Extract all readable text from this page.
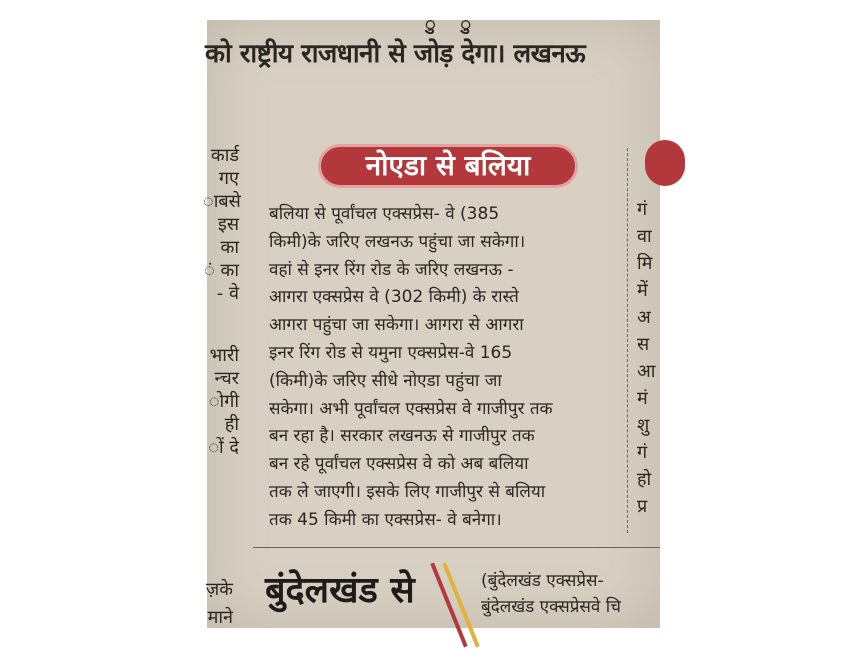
ु ु
को राष्ट्रीय राजधानी से जोड़ देगा। लखनऊ
कार्ड
गए
ाबसे
इस
का
ं का
- वे
भारी
न्चर
ोगी
ही
ों दे
नोएडा से बलिया
बलिया से पूर्वांचल एक्सप्रेस- वे (385
किमी)के जरिए लखनऊ पहुंचा जा सकेगा।
वहां से इनर रिंग रोड के जरिए लखनऊ -
आगरा एक्सप्रेस वे (302 किमी) के रास्ते
आगरा पहुंचा जा सकेगा। आगरा से आगरा
इनर रिंग रोड से यमुना एक्सप्रेस-वे 165
(किमी)के जरिए सीधे नोएडा पहुंचा जा
सकेगा। अभी पूर्वांचल एक्सप्रेस वे गाजीपुर तक
बन रहा है। सरकार लखनऊ से गाजीपुर तक
बन रहे पूर्वांचल एक्सप्रेस वे को अब बलिया
तक ले जाएगी। इसके लिए गाजीपुर से बलिया
तक 45 किमी का एक्सप्रेस- वे बनेगा।
गं
वा
मि
में
अ
स
आ
मं
शु
गं
हो
प्र
ज़के
माने
बुंदेलखंड से	(बुंदेलखंड एक्सप्रेस-
बुंदेलखंड एक्सप्रेसवे चि
